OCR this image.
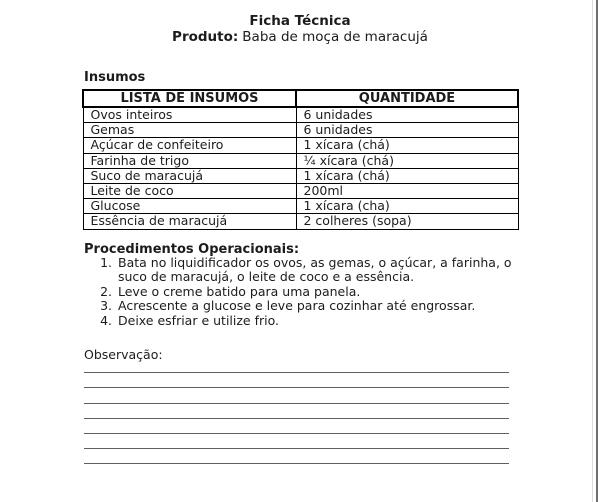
Ficha Técnica
Produto: Baba de moça de maracujá
Insumos
LISTA DE INSUMOS	QUANTIDADE
Ovos inteiros	6 unidades
Gemas	6 unidades
Açúcar de confeiteiro	1 xícara (chá)
Farinha de trigo	¼ xícara (chá)
Suco de maracujá	1 xícara (chá)
Leite de coco	200ml
Glucose	1 xícara (cha)
Essência de maracujá	2 colheres (sopa)
Procedimentos Operacionais:
1. Bata no liquidificador os ovos, as gemas, o açúcar, a farinha, o
suco de maracujá, o leite de coco e a essência.
2. Leve o creme batido para uma panela.
3. Acrescente a glucose e leve para cozinhar até engrossar.
4. Deixe esfriar e utilize frio.
Observação:
